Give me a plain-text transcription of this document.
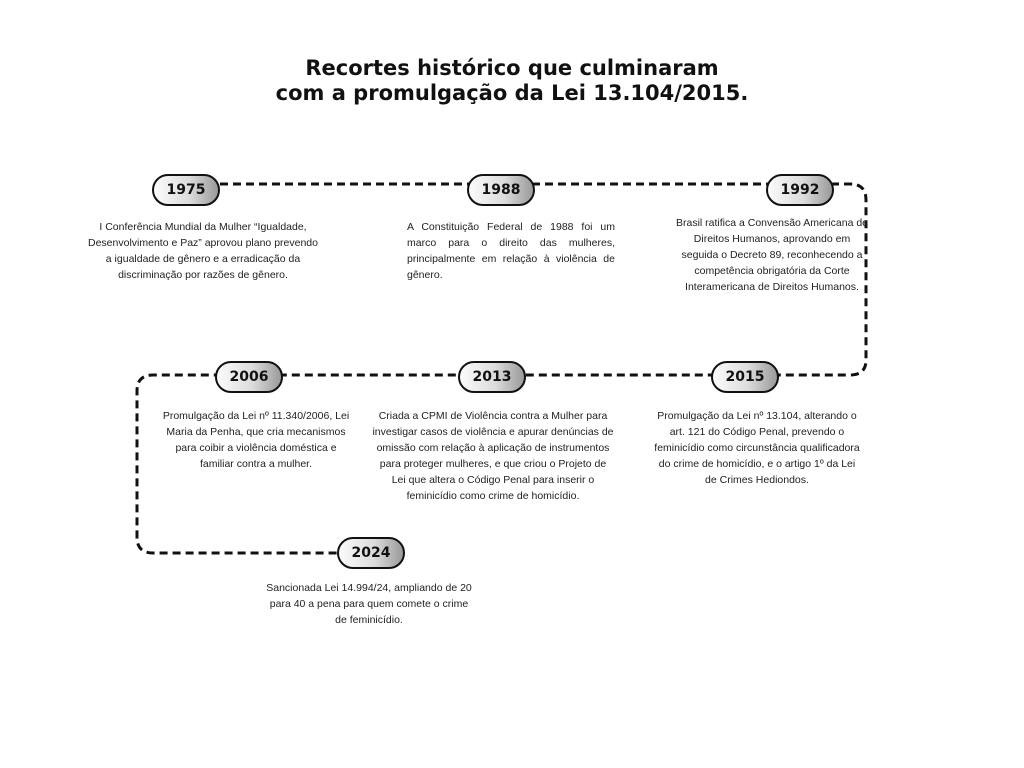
Recortes histórico que culminaram
com a promulgação da Lei 13.104/2015.
1975
I Conferência Mundial da Mulher “Igualdade, Desenvolvimento e Paz” aprovou plano prevendo a igualdade de gênero e a erradicação da discriminação por razões de gênero.
1988
A Constituição Federal de 1988 foi um marco para o direito das mulheres, principalmente em relação à violência de gênero.
1992
Brasil ratifica a Convensão Americana de Direitos Humanos, aprovando em seguida o Decreto 89, reconhecendo a competência obrigatória da Corte Interamericana de Direitos Humanos.
2006
Promulgação da Lei nº 11.340/2006, Lei Maria da Penha, que cria mecanismos para coibir a violência doméstica e familiar contra a mulher.
2013
Criada a CPMI de Violência contra a Mulher para investigar casos de violência e apurar denúncias de omissão com relação à aplicação de instrumentos para proteger mulheres, e que criou o Projeto de Lei que altera o Código Penal para inserir o feminicídio como crime de homicídio.
2015
Promulgação da Lei nº 13.104, alterando o art. 121 do Código Penal, prevendo o feminicídio como circunstância qualificadora do crime de homicídio, e o artigo 1º da Lei de Crimes Hediondos.
2024
Sancionada Lei 14.994/24, ampliando de 20 para 40 a pena para quem comete o crime de feminicídio.
